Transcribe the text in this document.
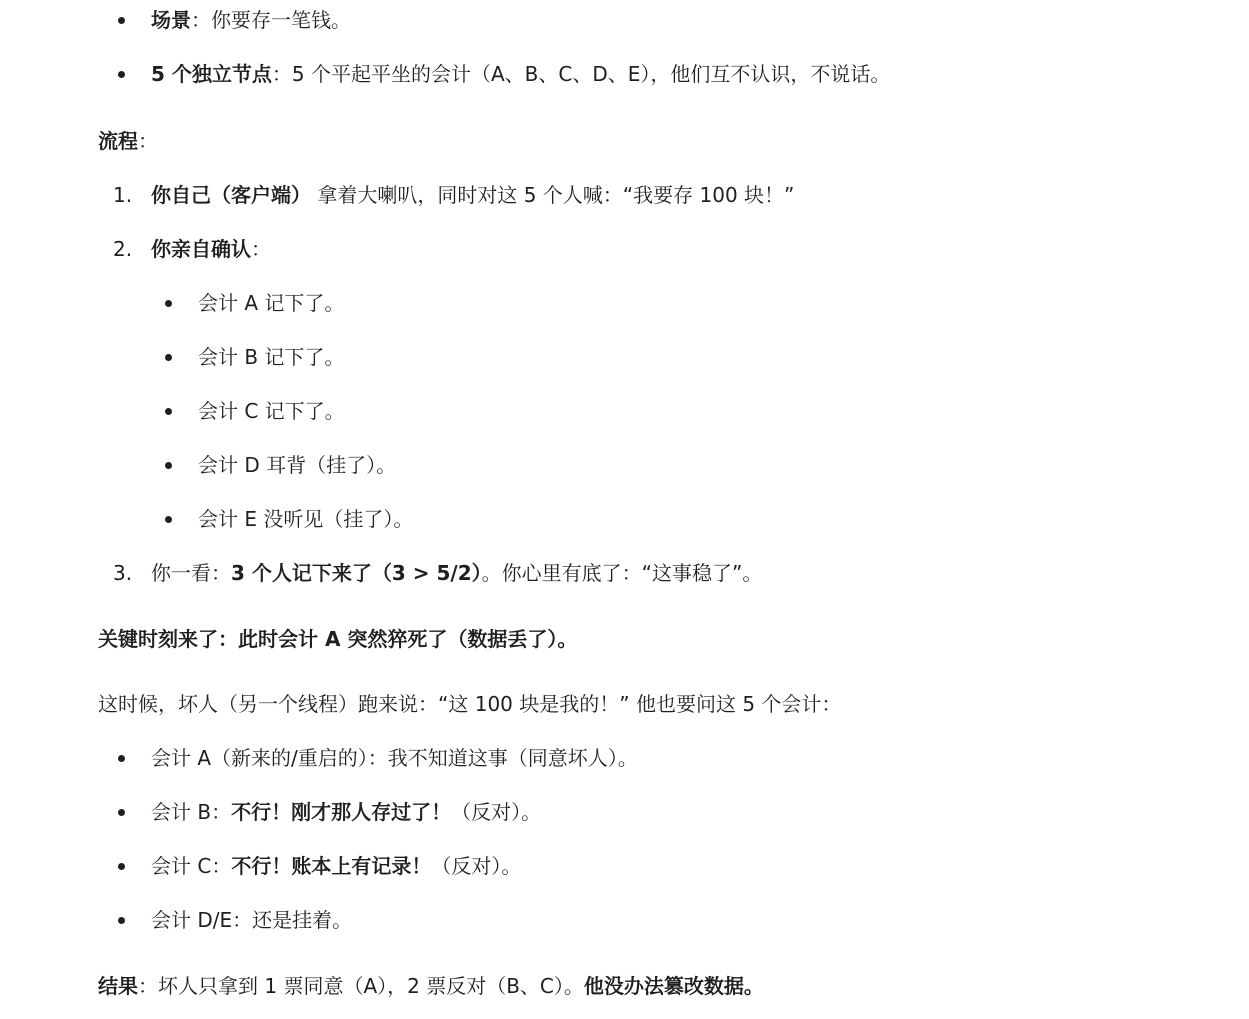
场景：你要存一笔钱。
5 个独立节点：5 个平起平坐的会计（A、B、C、D、E），他们互不认识，不说话。
流程：
1. 你自己（客户端） 拿着大喇叭，同时对这 5 个人喊：“我要存 100 块！”
2. 你亲自确认：
会计 A 记下了。
会计 B 记下了。
会计 C 记下了。
会计 D 耳背（挂了）。
会计 E 没听见（挂了）。
3. 你一看：3 个人记下来了（3 > 5/2）。你心里有底了：“这事稳了”。
关键时刻来了：此时会计 A 突然猝死了（数据丢了）。
这时候，坏人（另一个线程）跑来说：“这 100 块是我的！” 他也要问这 5 个会计：
会计 A（新来的/重启的）：我不知道这事（同意坏人）。
会计 B：不行！刚才那人存过了！（反对）。
会计 C：不行！账本上有记录！（反对）。
会计 D/E：还是挂着。
结果：坏人只拿到 1 票同意（A），2 票反对（B、C）。他没办法篡改数据。
